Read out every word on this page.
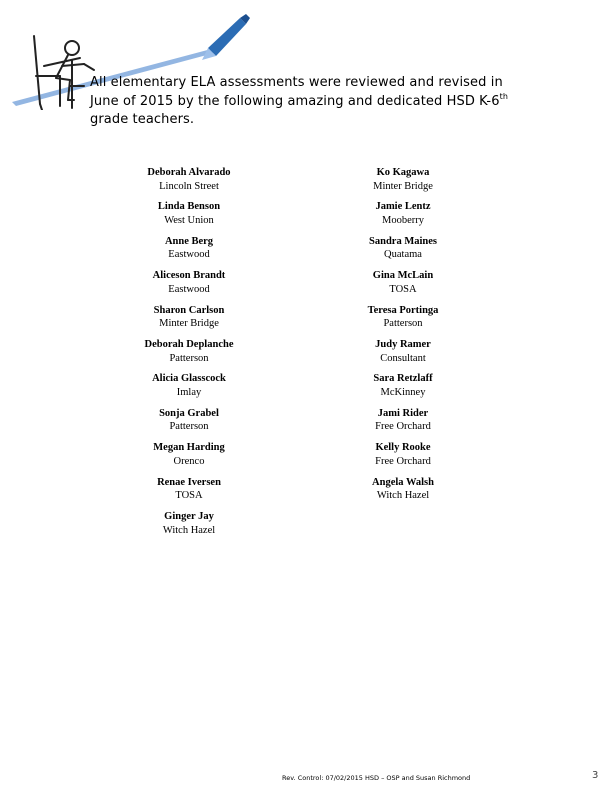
All elementary ELA assessments were reviewed and revised in June of 2015 by the following amazing and dedicated HSD K-6th grade teachers.
Deborah Alvarado
Lincoln Street
Ko Kagawa
Minter Bridge
Linda Benson
West Union
Jamie Lentz
Mooberry
Anne Berg
Eastwood
Sandra Maines
Quatama
Aliceson Brandt
Eastwood
Gina McLain
TOSA
Sharon Carlson
Minter Bridge
Teresa Portinga
Patterson
Deborah Deplanche
Patterson
Judy Ramer
Consultant
Alicia Glasscock
Imlay
Sara Retzlaff
McKinney
Sonja Grabel
Patterson
Jami Rider
Free Orchard
Megan Harding
Orenco
Kelly Rooke
Free Orchard
Renae Iversen
TOSA
Angela Walsh
Witch Hazel
Ginger Jay
Witch Hazel
Rev. Control: 07/02/2015 HSD – OSP and Susan Richmond	3
